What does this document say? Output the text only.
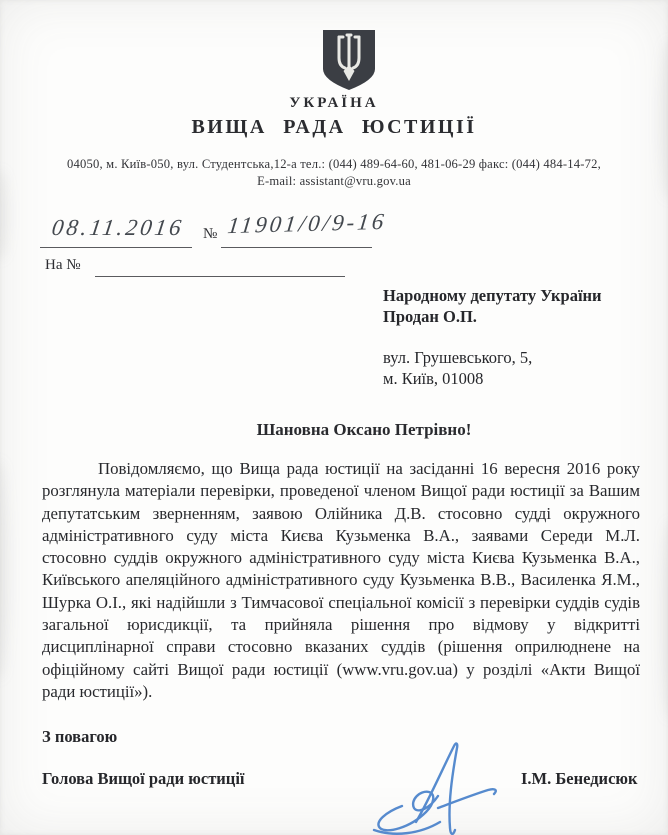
УКРАЇНА
ВИЩА РАДА ЮСТИЦІЇ
04050, м. Київ-050, вул. Студентська,12-а тел.: (044) 489-64-60, 481-06-29 факс: (044) 484-14-72,
E-mail: assistant@vru.gov.ua
08.11.2016 № 11901/0/9-16
На №
Народному депутату України
Продан О.П.
вул. Грушевського, 5,
м. Київ, 01008
Шановна Оксано Петрівно!
Повідомляємо, що Вища рада юстиції на засіданні 16 вересня 2016 року розглянула матеріали перевірки, проведеної членом Вищої ради юстиції за Вашим депутатським зверненням, заявою Олійника Д.В. стосовно судді окружного адміністративного суду міста Києва Кузьменка В.А., заявами Середи М.Л. стосовно суддів окружного адміністративного суду міста Києва Кузьменка В.А., Київського апеляційного адміністративного суду Кузьменка В.В., Василенка Я.М., Шурка О.І., які надійшли з Тимчасової спеціальної комісії з перевірки суддів судів загальної юрисдикції, та прийняла рішення про відмову у відкритті дисциплінарної справи стосовно вказаних суддів (рішення оприлюднене на офіційному сайті Вищої ради юстиції (www.vru.gov.ua) у розділі «Акти Вищої ради юстиції»).
З повагою
Голова Вищої ради юстиції	І.М. Бенедисюк
